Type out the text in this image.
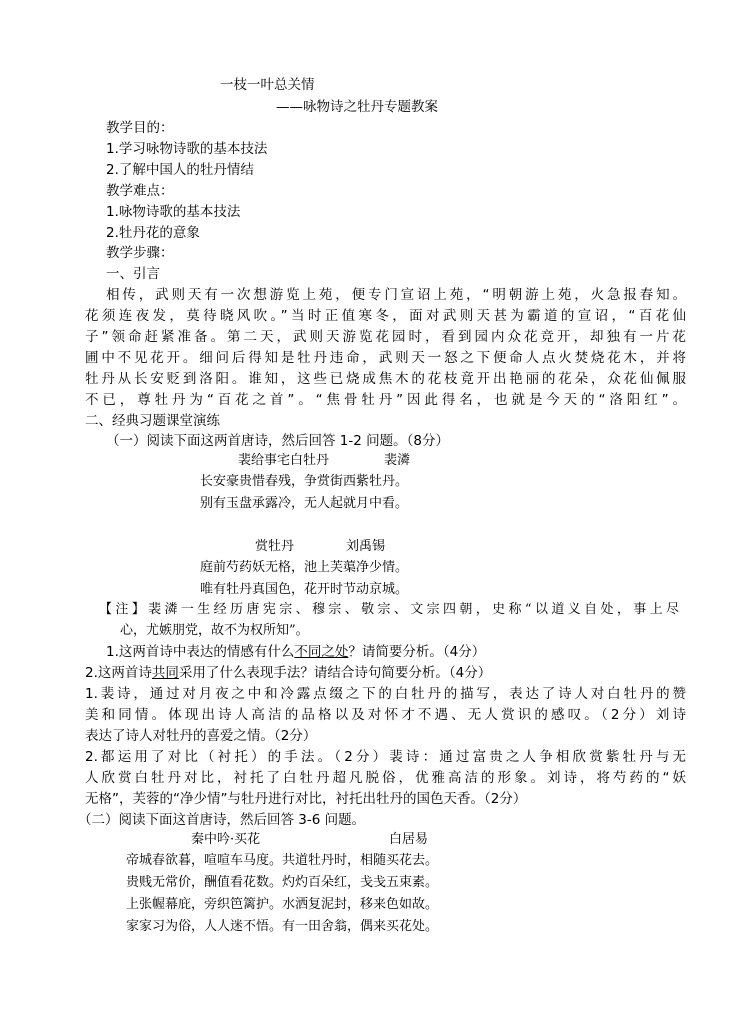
一枝一叶总关情
——咏物诗之牡丹专题教案
教学目的：
1.学习咏物诗歌的基本技法
2.了解中国人的牡丹情结
教学难点：
1.咏物诗歌的基本技法
2.牡丹花的意象
教学步骤：
一、引言
相传，武则天有一次想游览上苑，便专门宣诏上苑，“明朝游上苑，火急报春知。
花须连夜发，莫待晓风吹。”当时正值寒冬，面对武则天甚为霸道的宣诏，“百花仙
子”领命赶紧准备。第二天，武则天游览花园时，看到园内众花竞开，却独有一片花
圃中不见花开。细问后得知是牡丹违命，武则天一怒之下便命人点火焚烧花木，并将
牡丹从长安贬到洛阳。谁知，这些已烧成焦木的花枝竟开出艳丽的花朵，众花仙佩服
不已，尊牡丹为“百花之首”。“焦骨牡丹”因此得名，也就是今天的“洛阳红”。
二、经典习题课堂演练
（一）阅读下面这两首唐诗，然后回答 1-2 问题。（8分）
裴给事宅白牡丹	裴潾
长安豪贵惜春残，争赏街西紫牡丹。
别有玉盘承露冷，无人起就月中看。
赏牡丹	刘禹锡
庭前芍药妖无格，池上芙蕖净少情。
唯有牡丹真国色，花开时节动京城。
【注】裴潾一生经历唐宪宗、穆宗、敬宗、文宗四朝，史称“以道义自处，事上尽
心，尤嫉朋党，故不为权所知”。
1.这两首诗中表达的情感有什么不同之处？请简要分析。（4分）
2.这两首诗共同采用了什么表现手法？请结合诗句简要分析。（4分）
1.裴诗，通过对月夜之中和冷露点缀之下的白牡丹的描写，表达了诗人对白牡丹的赞
美和同情。体现出诗人高洁的品格以及对怀才不遇、无人赏识的感叹。（2分）刘诗
表达了诗人对牡丹的喜爱之情。（2分）
2.都运用了对比（衬托）的手法。（2分）裴诗：通过富贵之人争相欣赏紫牡丹与无
人欣赏白牡丹对比，衬托了白牡丹超凡脱俗，优雅高洁的形象。刘诗，将芍药的“妖
无格”，芙蓉的“净少情”与牡丹进行对比，衬托出牡丹的国色天香。（2分）
（二）阅读下面这首唐诗，然后回答 3-6 问题。
秦中吟·买花	白居易
帝城春欲暮，喧喧车马度。共道牡丹时，相随买花去。
贵贱无常价，酬值看花数。灼灼百朵红，戋戋五束素。
上张幄幕庇，旁织笆篱护。水洒复泥封，移来色如故。
家家习为俗，人人迷不悟。有一田舍翁，偶来买花处。
